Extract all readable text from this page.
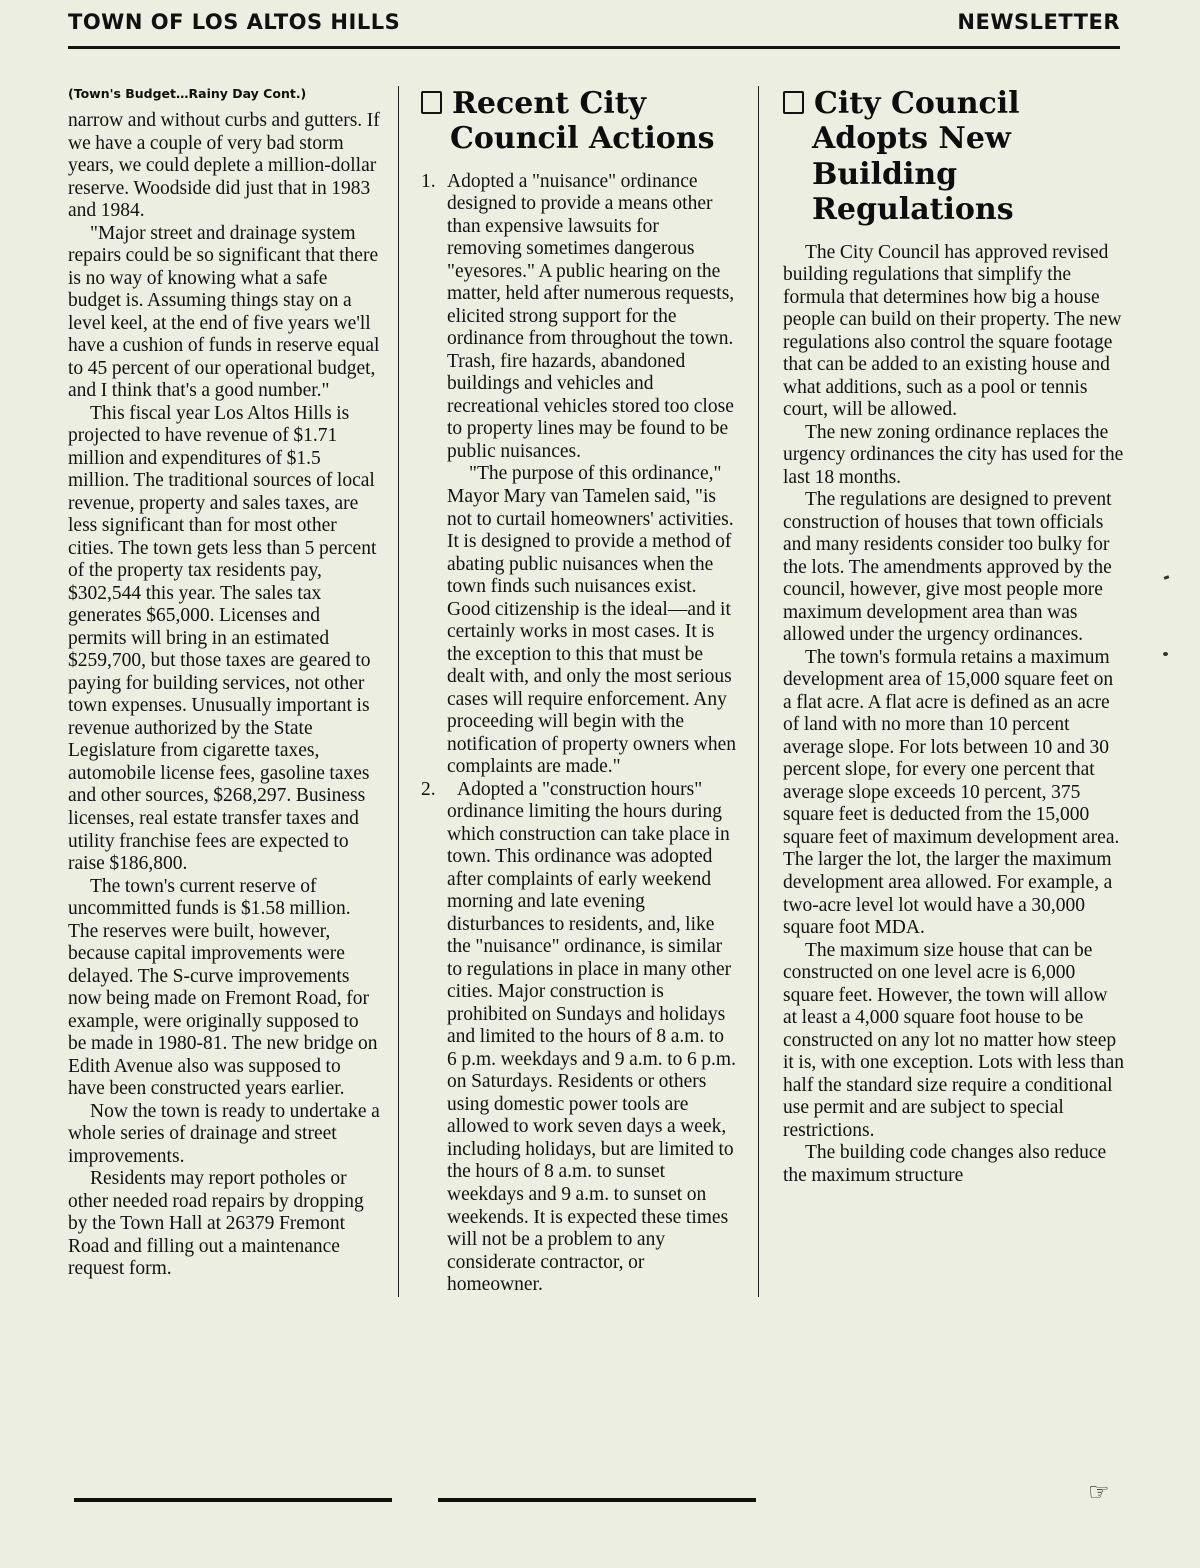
TOWN OF LOS ALTOS HILLS	NEWSLETTER
(Town's Budget…Rainy Day Cont.)

narrow and without curbs and gutters. If we have a couple of very bad storm years, we could deplete a million-dollar reserve. Woodside did just that in 1983 and 1984.

"Major street and drainage system repairs could be so significant that there is no way of knowing what a safe budget is. Assuming things stay on a level keel, at the end of five years we'll have a cushion of funds in reserve equal to 45 percent of our operational budget, and I think that's a good number."

This fiscal year Los Altos Hills is projected to have revenue of $1.71 million and expenditures of $1.5 million. The traditional sources of local revenue, property and sales taxes, are less significant than for most other cities. The town gets less than 5 percent of the property tax residents pay, $302,544 this year. The sales tax generates $65,000. Licenses and permits will bring in an estimated $259,700, but those taxes are geared to paying for building services, not other town expenses. Unusually important is revenue authorized by the State Legislature from cigarette taxes, automobile license fees, gasoline taxes and other sources, $268,297. Business licenses, real estate transfer taxes and utility franchise fees are expected to raise $186,800.

The town's current reserve of uncommitted funds is $1.58 million. The reserves were built, however, because capital improvements were delayed. The S-curve improvements now being made on Fremont Road, for example, were originally supposed to be made in 1980-81. The new bridge on Edith Avenue also was supposed to have been constructed years earlier.

Now the town is ready to undertake a whole series of drainage and street improvements.

Residents may report potholes or other needed road repairs by dropping by the Town Hall at 26379 Fremont Road and filling out a maintenance request form.

Recent City
Council Actions
1. Adopted a "nuisance" ordinance designed to provide a means other than expensive lawsuits for removing sometimes dangerous "eyesores." A public hearing on the matter, held after numerous requests, elicited strong support for the ordinance from throughout the town. Trash, fire hazards, abandoned buildings and vehicles and recreational vehicles stored too close to property lines may be found to be public nuisances.

"The purpose of this ordinance," Mayor Mary van Tamelen said, "is not to curtail homeowners' activities. It is designed to provide a method of abating public nuisances when the town finds such nuisances exist. Good citizenship is the ideal—and it certainly works in most cases. It is the exception to this that must be dealt with, and only the most serious cases will require enforcement. Any proceeding will begin with the notification of property owners when complaints are made."

2.	Adopted a "construction hours" ordinance limiting the hours during which construction can take place in town. This ordinance was adopted after complaints of early weekend morning and late evening disturbances to residents, and, like the "nuisance" ordinance, is similar to regulations in place in many other cities. Major construction is prohibited on Sundays and holidays and limited to the hours of 8 a.m. to 6 p.m. weekdays and 9 a.m. to 6 p.m. on Saturdays. Residents or others using domestic power tools are allowed to work seven days a week, including holidays, but are limited to the hours of 8 a.m. to sunset weekdays and 9 a.m. to sunset on weekends. It is expected these times will not be a problem to any considerate contractor, or homeowner.

City Council
Adopts New
Building
Regulations

The City Council has approved revised building regulations that simplify the formula that determines how big a house people can build on their property. The new regulations also control the square footage that can be added to an existing house and what additions, such as a pool or tennis court, will be allowed.

The new zoning ordinance replaces the urgency ordinances the city has used for the last 18 months.

The regulations are designed to prevent construction of houses that town officials and many residents consider too bulky for the lots. The amendments approved by the council, however, give most people more maximum development area than was allowed under the urgency ordinances.

The town's formula retains a maximum development area of 15,000 square feet on a flat acre. A flat acre is defined as an acre of land with no more than 10 percent average slope. For lots between 10 and 30 percent slope, for every one percent that average slope exceeds 10 percent, 375 square feet is deducted from the 15,000 square feet of maximum development area. The larger the lot, the larger the maximum development area allowed. For example, a two-acre level lot would have a 30,000 square foot MDA.

The maximum size house that can be constructed on one level acre is 6,000 square feet. However, the town will allow at least a 4,000 square foot house to be constructed on any lot no matter how steep it is, with one exception. Lots with less than half the standard size require a conditional use permit and are subject to special restrictions.

The building code changes also reduce the maximum structure

☞
